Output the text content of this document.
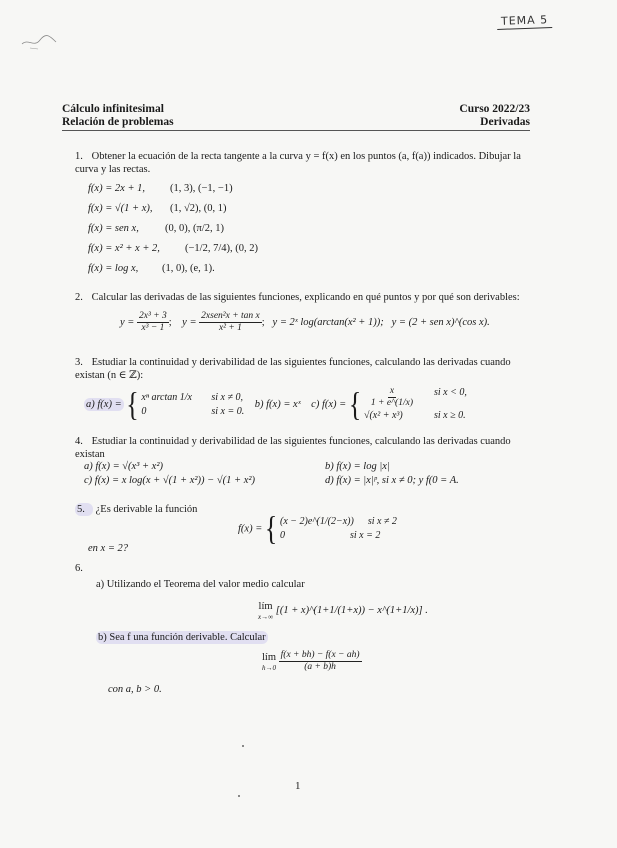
TEMA 5
Cálculo infinitesimal
Relación de problemas
Curso 2022/23
Derivadas
1. Obtener la ecuación de la recta tangente a la curva y = f(x) en los puntos (a, f(a)) indicados. Dibujar la curva y las rectas.
f(x) = 2x + 1, (1, 3), (−1, −1)
f(x) = √(1 + x), (1, √2), (0, 1)
f(x) = sen x, (0, 0), (π/2, 1)
f(x) = x² + x + 2, (−1/2, 7/4), (0, 2)
f(x) = log x, (1, 0), (e, 1).
2. Calcular las derivadas de las siguientes funciones, explicando en qué puntos y por qué son derivables:
$y = \frac{\text{2x³ + 3}}{\text{x³ − 1}}$ ;    $y = \frac{\text{2xsen²x + tan x}}{\text{x² + 1}}$ ;   y = 2ˣ log(arctan(x² + 1)); y = (2 + sen x)^(cos x).
3. Estudiar la continuidad y derivabilidad de las siguientes funciones, calculando las derivadas cuando existan (n ∈ ℤ):
a) f(x) = { xⁿ arctan 1/x	si x ≠ 0,
0	si x = 0.
b) f(x) = xˣ c) f(x) = { $\frac{x}{1 + e\^{}(1/x)}$ si x < 0,
√(x² + x³)	si x ≥ 0.
4. Estudiar la continuidad y derivabilidad de las siguientes funciones, calculando las derivadas cuando existan
a) f(x) = √(x³ + x²)	b) f(x) = log |x|
c) f(x) = x log(x + √(1 + x²)) − √(1 + x²)	d) f(x) = |x|ᵖ, si x ≠ 0; y f(0 = A.
5. ¿Es derivable la función
f(x) = { (x − 2)e^(1/(2−x)) si x ≠ 2
0	si x = 2
en x = 2?
6.
a) Utilizando el Teorema del valor medio calcular
lím
x→∞
[(1 + x)^(1+1/(1+x)) − x^(1+1/x)] .
b) Sea f una función derivable. Calcular
lím
h→0
$\frac{f(x + bh) - f(x - ah)}{(a + b)h}$
con a, b > 0.
1
